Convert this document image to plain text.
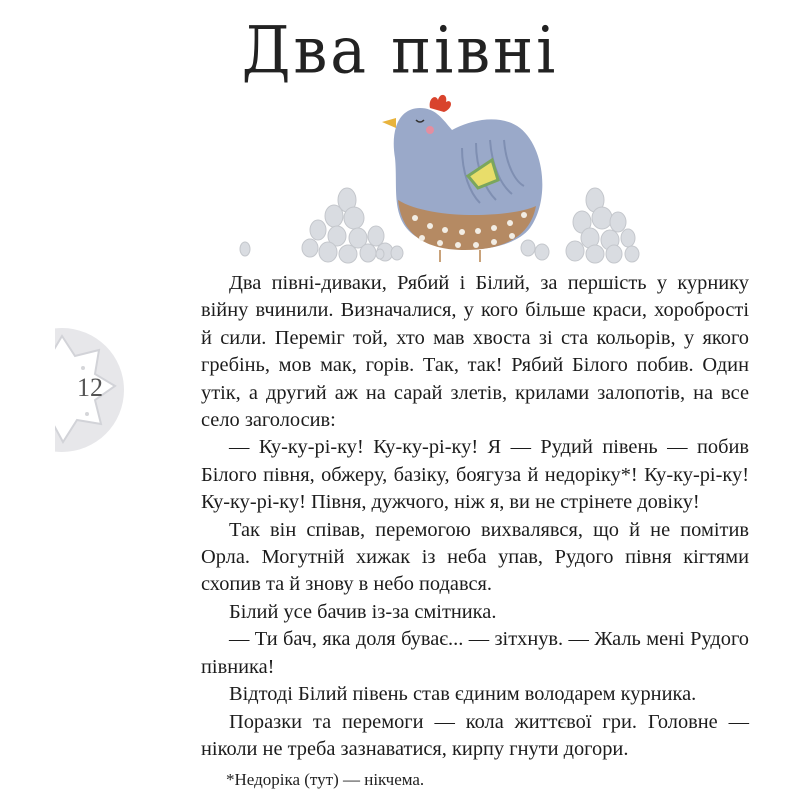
Два півні
12

Два півні-диваки, Рябий і Білий, за першість у курнику війну вчинили. Визначалися, у кого більше краси, хоробрості й сили. Переміг той, хто мав хвоста зі ста кольорів, у якого гребінь, мов мак, горів. Так, так! Рябий Білого побив. Один утік, а другий аж на сарай злетів, крилами залопотів, на все село заголосив:

— Ку-ку-рі-ку! Ку-ку-рі-ку! Я — Рудий півень — побив Білого півня, обжеру, базіку, боягуза й недоріку*! Ку-ку-рі-ку! Ку-ку-рі-ку! Півня, дужчого, ніж я, ви не стрінете довіку!

Так він співав, перемогою вихвалявся, що й не помітив Орла. Могутній хижак із неба упав, Рудого півня кігтями схопив та й знову в небо подався.

Білий усе бачив із-за смітника.

— Ти бач, яка доля буває... — зітхнув. — Жаль мені Рудого півника!

Відтоді Білий півень став єдиним володарем курника.

Поразки та перемоги — кола життєвої гри. Головне — ніколи не треба зазнаватися, кирпу гнути догори.

*Недоріка (тут) — нікчема.
